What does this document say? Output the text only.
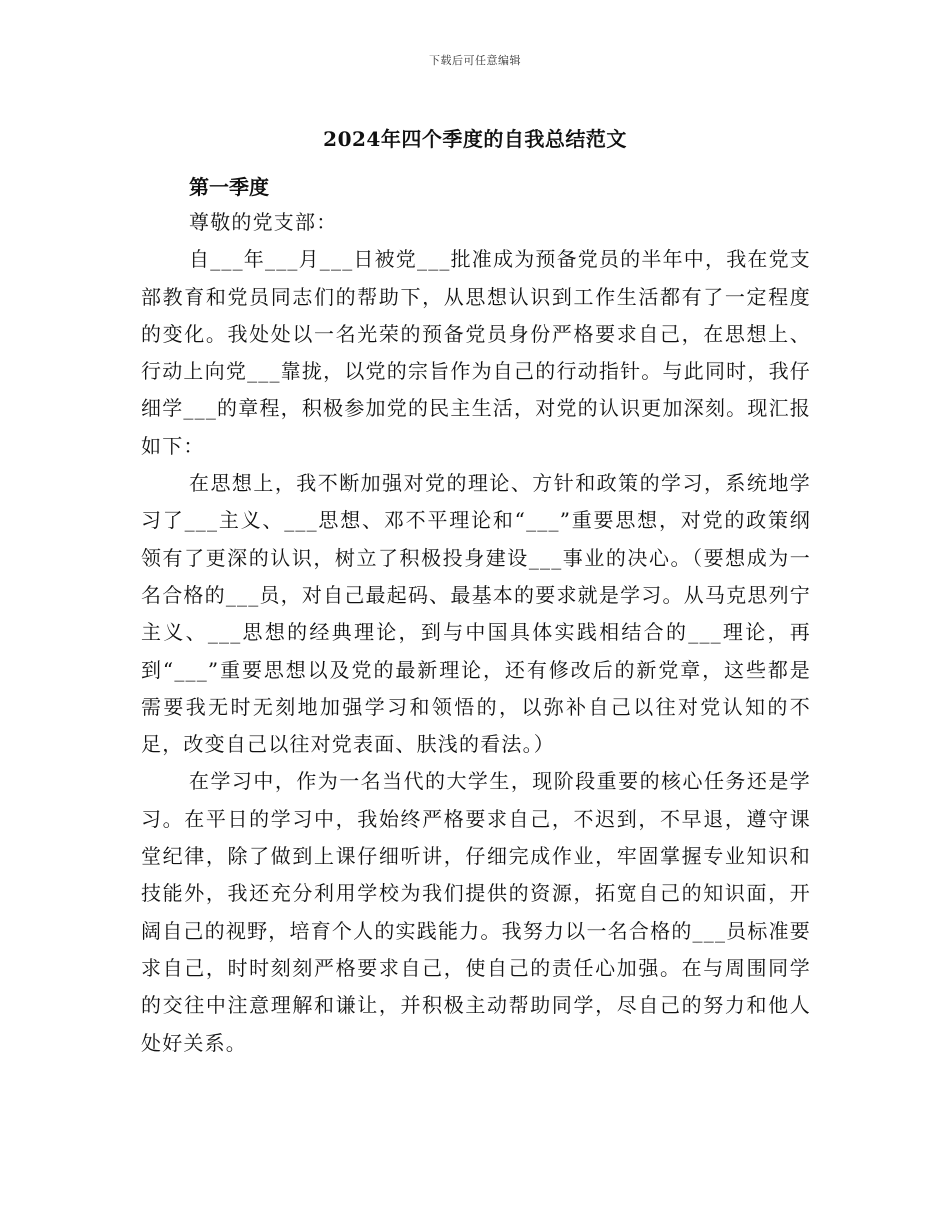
下载后可任意编辑
2024年四个季度的自我总结范文

第一季度

尊敬的党支部：

自___年___月___日被党___批准成为预备党员的半年中，我在党支部教育和党员同志们的帮助下，从思想认识到工作生活都有了一定程度的变化。我处处以一名光荣的预备党员身份严格要求自己，在思想上、行动上向党___靠拢，以党的宗旨作为自己的行动指针。与此同时，我仔细学___的章程，积极参加党的民主生活，对党的认识更加深刻。现汇报如下：

在思想上，我不断加强对党的理论、方针和政策的学习，系统地学习了___主义、___思想、邓不平理论和“___”重要思想，对党的政策纲领有了更深的认识，树立了积极投身建设___事业的决心。（要想成为一名合格的___员，对自己最起码、最基本的要求就是学习。从马克思列宁主义、___思想的经典理论，到与中国具体实践相结合的___理论，再到“___”重要思想以及党的最新理论，还有修改后的新党章，这些都是需要我无时无刻地加强学习和领悟的，以弥补自己以往对党认知的不足，改变自己以往对党表面、肤浅的看法。）

在学习中，作为一名当代的大学生，现阶段重要的核心任务还是学习。在平日的学习中，我始终严格要求自己，不迟到，不早退，遵守课堂纪律，除了做到上课仔细听讲，仔细完成作业，牢固掌握专业知识和技能外，我还充分利用学校为我们提供的资源，拓宽自己的知识面，开阔自己的视野，培育个人的实践能力。我努力以一名合格的___员标准要求自己，时时刻刻严格要求自己，使自己的责任心加强。在与周围同学的交往中注意理解和谦让，并积极主动帮助同学，尽自己的努力和他人处好关系。
